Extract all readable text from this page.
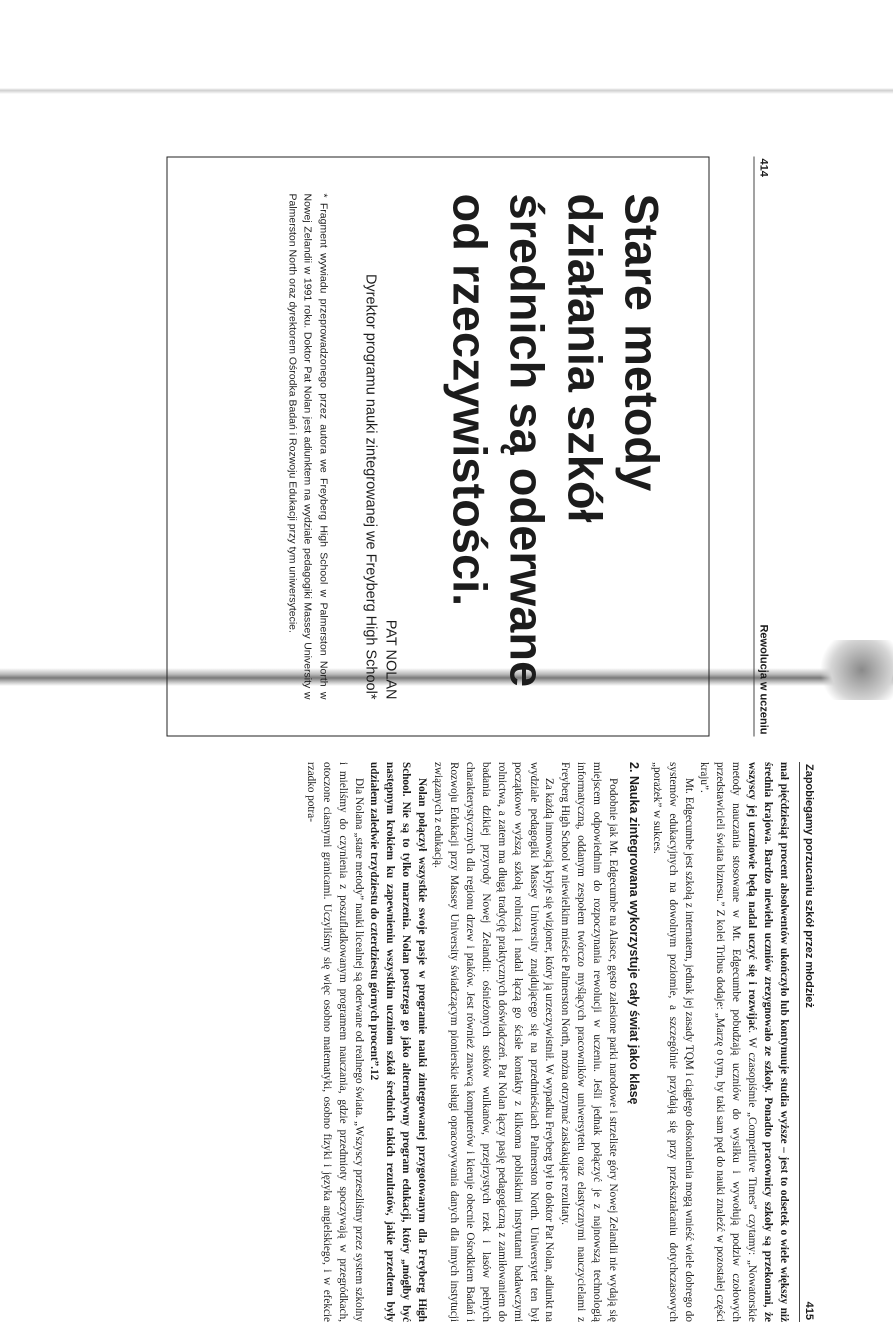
414
Rewolucja w uczeniu
Stare metody działania szkół średnich są oderwane od rzeczywistości.
PAT NOLAN
Dyrektor programu nauki zintegrowanej we Freyberg High School*
* Fragment wywiadu przeprowadzonego przez autora we Freyberg High School w Palmerston North w Nowej Zelandii w 1991 roku. Doktor Pat Nolan jest adiunktem na wydziale pedagogiki Massey University w Palmerston North oraz dyrektorem Ośrodka Badań i Rozwoju Edukacji przy tym uniwersytecie.
Zapobiegamy porzucaniu szkół przez młodzież
415

mał pięćdziesiąt procent absolwentów ukończyło lub kontynuuje studia wyższe – jest to odsetek o wiele większy niż średnia krajowa. Bardzo niewielu uczniów zrezygnowało ze szkoły. Ponadto pracownicy szkoły są przekonani, że wszyscy jej uczniowie będą nadal uczyć się i rozwijać. W czasopiśmie „Competitive Times” czytamy: „Nowatorskie metody nauczania stosowane w Mt. Edgecumbe pobudzają uczniów do wysiłku i wywołują podziw czołowych przedstawicieli świata biznesu.” Z kolei Tribus dodaje: „Marzę o tym, by taki sam pęd do nauki znaleźć w pozostałej części kraju”.

Mt. Edgecumbe jest szkołą z internatem, jednak jej zasady TQM i ciągłego doskonalenia mogą wnieść wiele dobrego do systemów edukacyjnych na dowolnym poziomie, a szczególnie przydają się przy przekształcaniu dotychczasowych „porażek” w sukces.

2. Nauka zintegrowana wykorzystuje cały świat jako klasę

Podobnie jak Mt. Edgecumbe na Alasce, gęsto zalesione parki narodowe i strzeliste góry Nowej Zelandii nie wydają się miejscem odpowiednim do rozpoczynania rewolucji w uczeniu. Jeśli jednak połączyć je z najnowszą technologią informatyczną, oddanym zespołem twórczo myślących pracowników uniwersytetu oraz elastycznymi nauczycielami z Freyberg High School w niewielkim mieście Palmerston North, można otrzymać zaskakujące rezultaty.

Za każdą innowacją kryje się wizjoner, który ją urzeczywistnił. W wypadku Freyberg był to doktor Pat Nolan, adiunkt na wydziale pedagogiki Massey University znajdującego się na przedmieściach Palmerston North. Uniwersytet ten był początkowo wyższą szkołą rolniczą i nadal łączą go ścisłe kontakty z kilkoma pobliskimi instytutami badawczymi rolnictwa, a zatem ma długą tradycję praktycznych doświadczeń. Pat Nolan łączy pasję pedagogiczną z zamiłowaniem do badania dzikiej przyrody Nowej Zelandii: ośnieżonych stoków wulkanów, przejrzystych rzek i lasów pełnych charakterystycznych dla regionu drzew i ptaków. Jest również znawcą komputerów i kieruje obecnie Ośrodkiem Badań i Rozwoju Edukacji przy Massey University świadczącym pionierskie usługi opracowywania danych dla innych instytucji związanych z edukacją.

Nolan połączył wszystkie swoje pasje w programie nauki zintegrowanej przygotowanym dla Freyberg High School. Nie są to tylko marzenia. Nolan postrzega go jako alternatywny program edukacji, który „mógłby być następnym krokiem ku zapewnieniu wszystkim uczniom szkół średnich takich rezultatów, jakie przedtem były udziałem zaledwie trzydziestu do czterdziestu górnych procent”.12

Dla Nolana „stare metody” nauki licealnej są oderwane od realnego świata. „Wszyscy przeszliśmy przez system szkolny i mieliśmy do czynienia z poszufladkowanym programem nauczania, gdzie przedmioty spoczywają w przegródkach, otoczone ciasnymi granicami. Uczyliśmy się więc osobno matematyki, osobno fizyki i języka angielskiego, i w efekcie rzadko potra-
